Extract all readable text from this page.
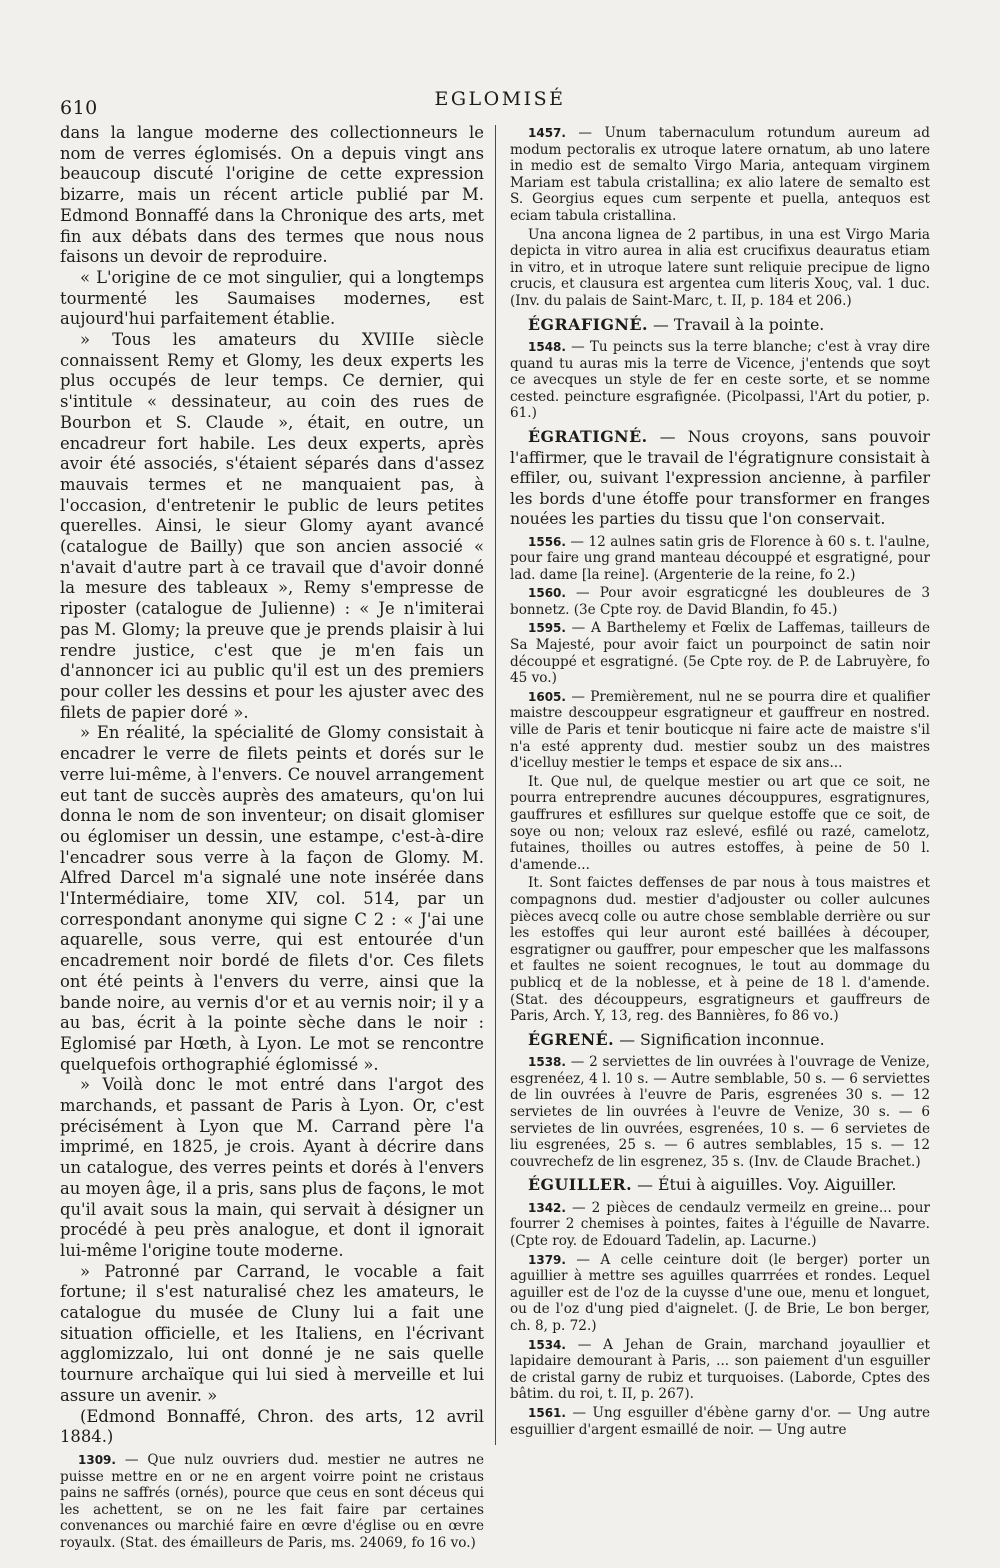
610	EGLOMISÉ

dans la langue moderne des collectionneurs le nom de verres églomisés. On a depuis vingt ans beaucoup discuté l'origine de cette expression bizarre, mais un récent article publié par M. Edmond Bonnaffé dans la Chronique des arts, met fin aux débats dans des termes que nous nous faisons un devoir de reproduire.

« L'origine de ce mot singulier, qui a longtemps tourmenté les Saumaises modernes, est aujourd'hui parfaitement établie.

» Tous les amateurs du XVIIIe siècle connaissent Remy et Glomy, les deux experts les plus occupés de leur temps. Ce dernier, qui s'intitule « dessinateur, au coin des rues de Bourbon et S. Claude », était, en outre, un encadreur fort habile. Les deux experts, après avoir été associés, s'étaient séparés dans d'assez mauvais termes et ne manquaient pas, à l'occasion, d'entretenir le public de leurs petites querelles. Ainsi, le sieur Glomy ayant avancé (catalogue de Bailly) que son ancien associé « n'avait d'autre part à ce travail que d'avoir donné la mesure des tableaux », Remy s'empresse de riposter (catalogue de Julienne) : « Je n'imiterai pas M. Glomy; la preuve que je prends plaisir à lui rendre justice, c'est que je m'en fais un d'annoncer ici au public qu'il est un des premiers pour coller les dessins et pour les ajuster avec des filets de papier doré ».

» En réalité, la spécialité de Glomy consistait à encadrer le verre de filets peints et dorés sur le verre lui-même, à l'envers. Ce nouvel arrangement eut tant de succès auprès des amateurs, qu'on lui donna le nom de son inventeur; on disait glomiser ou églomiser un dessin, une estampe, c'est-à-dire l'encadrer sous verre à la façon de Glomy. M. Alfred Darcel m'a signalé une note insérée dans l'Intermédiaire, tome XIV, col. 514, par un correspondant anonyme qui signe C 2 : « J'ai une aquarelle, sous verre, qui est entourée d'un encadrement noir bordé de filets d'or. Ces filets ont été peints à l'envers du verre, ainsi que la bande noire, au vernis d'or et au vernis noir; il y a au bas, écrit à la pointe sèche dans le noir : Eglomisé par Hœth, à Lyon. Le mot se rencontre quelquefois orthographié églomissé ».

» Voilà donc le mot entré dans l'argot des marchands, et passant de Paris à Lyon. Or, c'est précisément à Lyon que M. Carrand père l'a imprimé, en 1825, je crois. Ayant à décrire dans un catalogue, des verres peints et dorés à l'envers au moyen âge, il a pris, sans plus de façons, le mot qu'il avait sous la main, qui servait à désigner un procédé à peu près analogue, et dont il ignorait lui-même l'origine toute moderne.

» Patronné par Carrand, le vocable a fait fortune; il s'est naturalisé chez les amateurs, le catalogue du musée de Cluny lui a fait une situation officielle, et les Italiens, en l'écrivant agglomizzalo, lui ont donné je ne sais quelle tournure archaïque qui lui sied à merveille et lui assure un avenir. »

(Edmond Bonnaffé, Chron. des arts, 12 avril 1884.)

1309. — Que nulz ouvriers dud. mestier ne autres ne puisse mettre en or ne en argent voirre point ne cristaus pains ne saffrés (ornés), pource que ceus en sont déceus qui les achettent, se on ne les fait faire par certaines convenances ou marchié faire en œvre d'église ou en œvre royaulx. (Stat. des émailleurs de Paris, ms. 24069, fo 16 vo.)

1457. — Unum tabernaculum rotundum aureum ad modum pectoralis ex utroque latere ornatum, ab uno latere in medio est de semalto Virgo Maria, antequam virginem Mariam est tabula cristallina; ex alio latere de semalto est S. Georgius eques cum serpente et puella, antequos est eciam tabula cristallina.

Una ancona lignea de 2 partibus, in una est Virgo Maria depicta in vitro aurea in alia est crucifixus deauratus etiam in vitro, et in utroque latere sunt reliquie precipue de ligno crucis, et clausura est argentea cum literis Χους, val. 1 duc. (Inv. du palais de Saint-Marc, t. II, p. 184 et 206.)

ÉGRAFIGNÉ. — Travail à la pointe.

1548. — Tu peincts sus la terre blanche; c'est à vray dire quand tu auras mis la terre de Vicence, j'entends que soyt ce avecques un style de fer en ceste sorte, et se nomme cested. peincture esgrafignée. (Picolpassi, l'Art du potier, p. 61.)

ÉGRATIGNÉ. — Nous croyons, sans pouvoir l'affirmer, que le travail de l'égratignure consistait à effiler, ou, suivant l'expression ancienne, à parfiler les bords d'une étoffe pour transformer en franges nouées les parties du tissu que l'on conservait.

1556. — 12 aulnes satin gris de Florence à 60 s. t. l'aulne, pour faire ung grand manteau découppé et esgratigné, pour lad. dame [la reine]. (Argenterie de la reine, fo 2.)

1560. — Pour avoir esgraticgné les doubleures de 3 bonnetz. (3e Cpte roy. de David Blandin, fo 45.)

1595. — A Barthelemy et Fœlix de Laffemas, tailleurs de Sa Majesté, pour avoir faict un pourpoinct de satin noir découppé et esgratigné. (5e Cpte roy. de P. de Labruyère, fo 45 vo.)

1605. — Premièrement, nul ne se pourra dire et qualifier maistre descouppeur esgratigneur et gauffreur en nostred. ville de Paris et tenir bouticque ni faire acte de maistre s'il n'a esté apprenty dud. mestier soubz un des maistres d'icelluy mestier le temps et espace de six ans...

It. Que nul, de quelque mestier ou art que ce soit, ne pourra entreprendre aucunes découppures, esgratignures, gauffrures et esfillures sur quelque estoffe que ce soit, de soye ou non; veloux raz eslevé, esfilé ou razé, camelotz, futaines, thoilles ou autres estoffes, à peine de 50 l. d'amende...

It. Sont faictes deffenses de par nous à tous maistres et compagnons dud. mestier d'adjouster ou coller aulcunes pièces avecq colle ou autre chose semblable derrière ou sur les estoffes qui leur auront esté baillées à découper, esgratigner ou gauffrer, pour empescher que les malfassons et faultes ne soient recognues, le tout au dommage du publicq et de la noblesse, et à peine de 18 l. d'amende. (Stat. des découppeurs, esgratigneurs et gauffreurs de Paris, Arch. Y, 13, reg. des Bannières, fo 86 vo.)

ÉGRENÉ. — Signification inconnue.

1538. — 2 serviettes de lin ouvrées à l'ouvrage de Venize, esgrenéez, 4 l. 10 s. — Autre semblable, 50 s. — 6 serviettes de lin ouvrées à l'euvre de Paris, esgrenées 30 s. — 12 servietes de lin ouvrées à l'euvre de Venize, 30 s. — 6 servietes de lin ouvrées, esgrenées, 10 s. — 6 servietes de liu esgrenées, 25 s. — 6 autres semblables, 15 s. — 12 couvrechefz de lin esgrenez, 35 s. (Inv. de Claude Brachet.)

ÉGUILLER. — Étui à aiguilles. Voy. Aiguiller.

1342. — 2 pièces de cendaulz vermeilz en greine... pour fourrer 2 chemises à pointes, faites à l'éguille de Navarre. (Cpte roy. de Edouard Tadelin, ap. Lacurne.)

1379. — A celle ceinture doit (le berger) porter un aguillier à mettre ses aguilles quarrrées et rondes. Lequel aguiller est de l'oz de la cuysse d'une oue, menu et longuet, ou de l'oz d'ung pied d'aignelet. (J. de Brie, Le bon berger, ch. 8, p. 72.)

1534. — A Jehan de Grain, marchand joyaullier et lapidaire demourant à Paris, ... son paiement d'un esguiller de cristal garny de rubiz et turquoises. (Laborde, Cptes des bâtim. du roi, t. II, p. 267).

1561. — Ung esguiller d'ébène garny d'or. — Ung autre esguillier d'argent esmaillé de noir. — Ung autre
